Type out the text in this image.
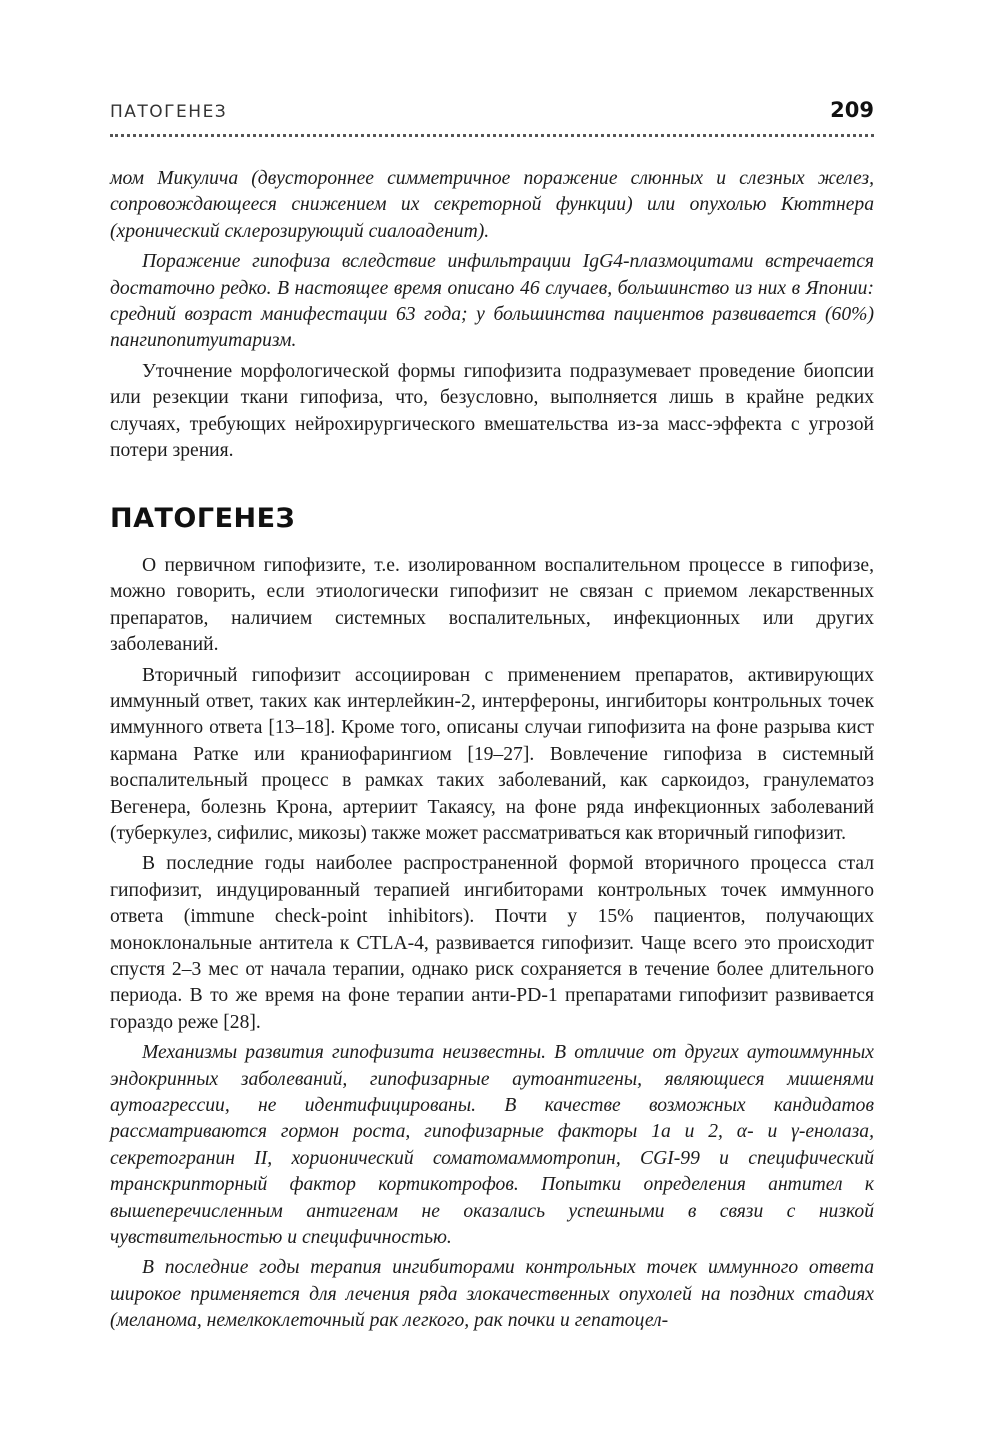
ПАТОГЕНЕЗ	209

мом Микулича (двустороннее симметричное поражение слюнных и слезных желез, сопровождающееся снижением их секреторной функции) или опухолью Кюттнера (хронический склерозирующий сиалоаденит).

Поражение гипофиза вследствие инфильтрации IgG4-плазмоцитами встречается достаточно редко. В настоящее время описано 46 случаев, большинство из них в Японии: средний возраст манифестации 63 года; у большинства пациентов развивается (60%) пангипопитуитаризм.

Уточнение морфологической формы гипофизита подразумевает проведение биопсии или резекции ткани гипофиза, что, безусловно, выполняется лишь в крайне редких случаях, требующих нейрохирургического вмешательства из-за масс-эффекта с угрозой потери зрения.

ПАТОГЕНЕЗ

О первичном гипофизите, т.е. изолированном воспалительном процессе в гипофизе, можно говорить, если этиологически гипофизит не связан с приемом лекарственных препаратов, наличием системных воспалительных, инфекционных или других заболеваний.

Вторичный гипофизит ассоциирован с применением препаратов, активирующих иммунный ответ, таких как интерлейкин-2, интерфероны, ингибиторы контрольных точек иммунного ответа [13–18]. Кроме того, описаны случаи гипофизита на фоне разрыва кист кармана Ратке или краниофарингиом [19–27]. Вовлечение гипофиза в системный воспалительный процесс в рамках таких заболеваний, как саркоидоз, гранулематоз Вегенера, болезнь Крона, артериит Такаясу, на фоне ряда инфекционных заболеваний (туберкулез, сифилис, микозы) также может рассматриваться как вторичный гипофизит.

В последние годы наиболее распространенной формой вторичного процесса стал гипофизит, индуцированный терапией ингибиторами контрольных точек иммунного ответа (immune check-point inhibitors). Почти у 15% пациентов, получающих моноклональные антитела к CTLA-4, развивается гипофизит. Чаще всего это происходит спустя 2–3 мес от начала терапии, однако риск сохраняется в течение более длительного периода. В то же время на фоне терапии анти-PD-1 препаратами гипофизит развивается гораздо реже [28].

Механизмы развития гипофизита неизвестны. В отличие от других аутоиммунных эндокринных заболеваний, гипофизарные аутоантигены, являющиеся мишенями аутоагрессии, не идентифицированы. В качестве возможных кандидатов рассматриваются гормон роста, гипофизарные факторы 1а и 2, α- и γ-енолаза, секретогранин II, хорионический соматомаммотропин, CGI-99 и специфический транскрипторный фактор кортикотрофов. Попытки определения антител к вышеперечисленным антигенам не оказались успешными в связи с низкой чувствительностью и специфичностью.

В последние годы терапия ингибиторами контрольных точек иммунного ответа широкое применяется для лечения ряда злокачественных опухолей на поздних стадиях (меланома, немелкоклеточный рак легкого, рак почки и гепатоцел-
